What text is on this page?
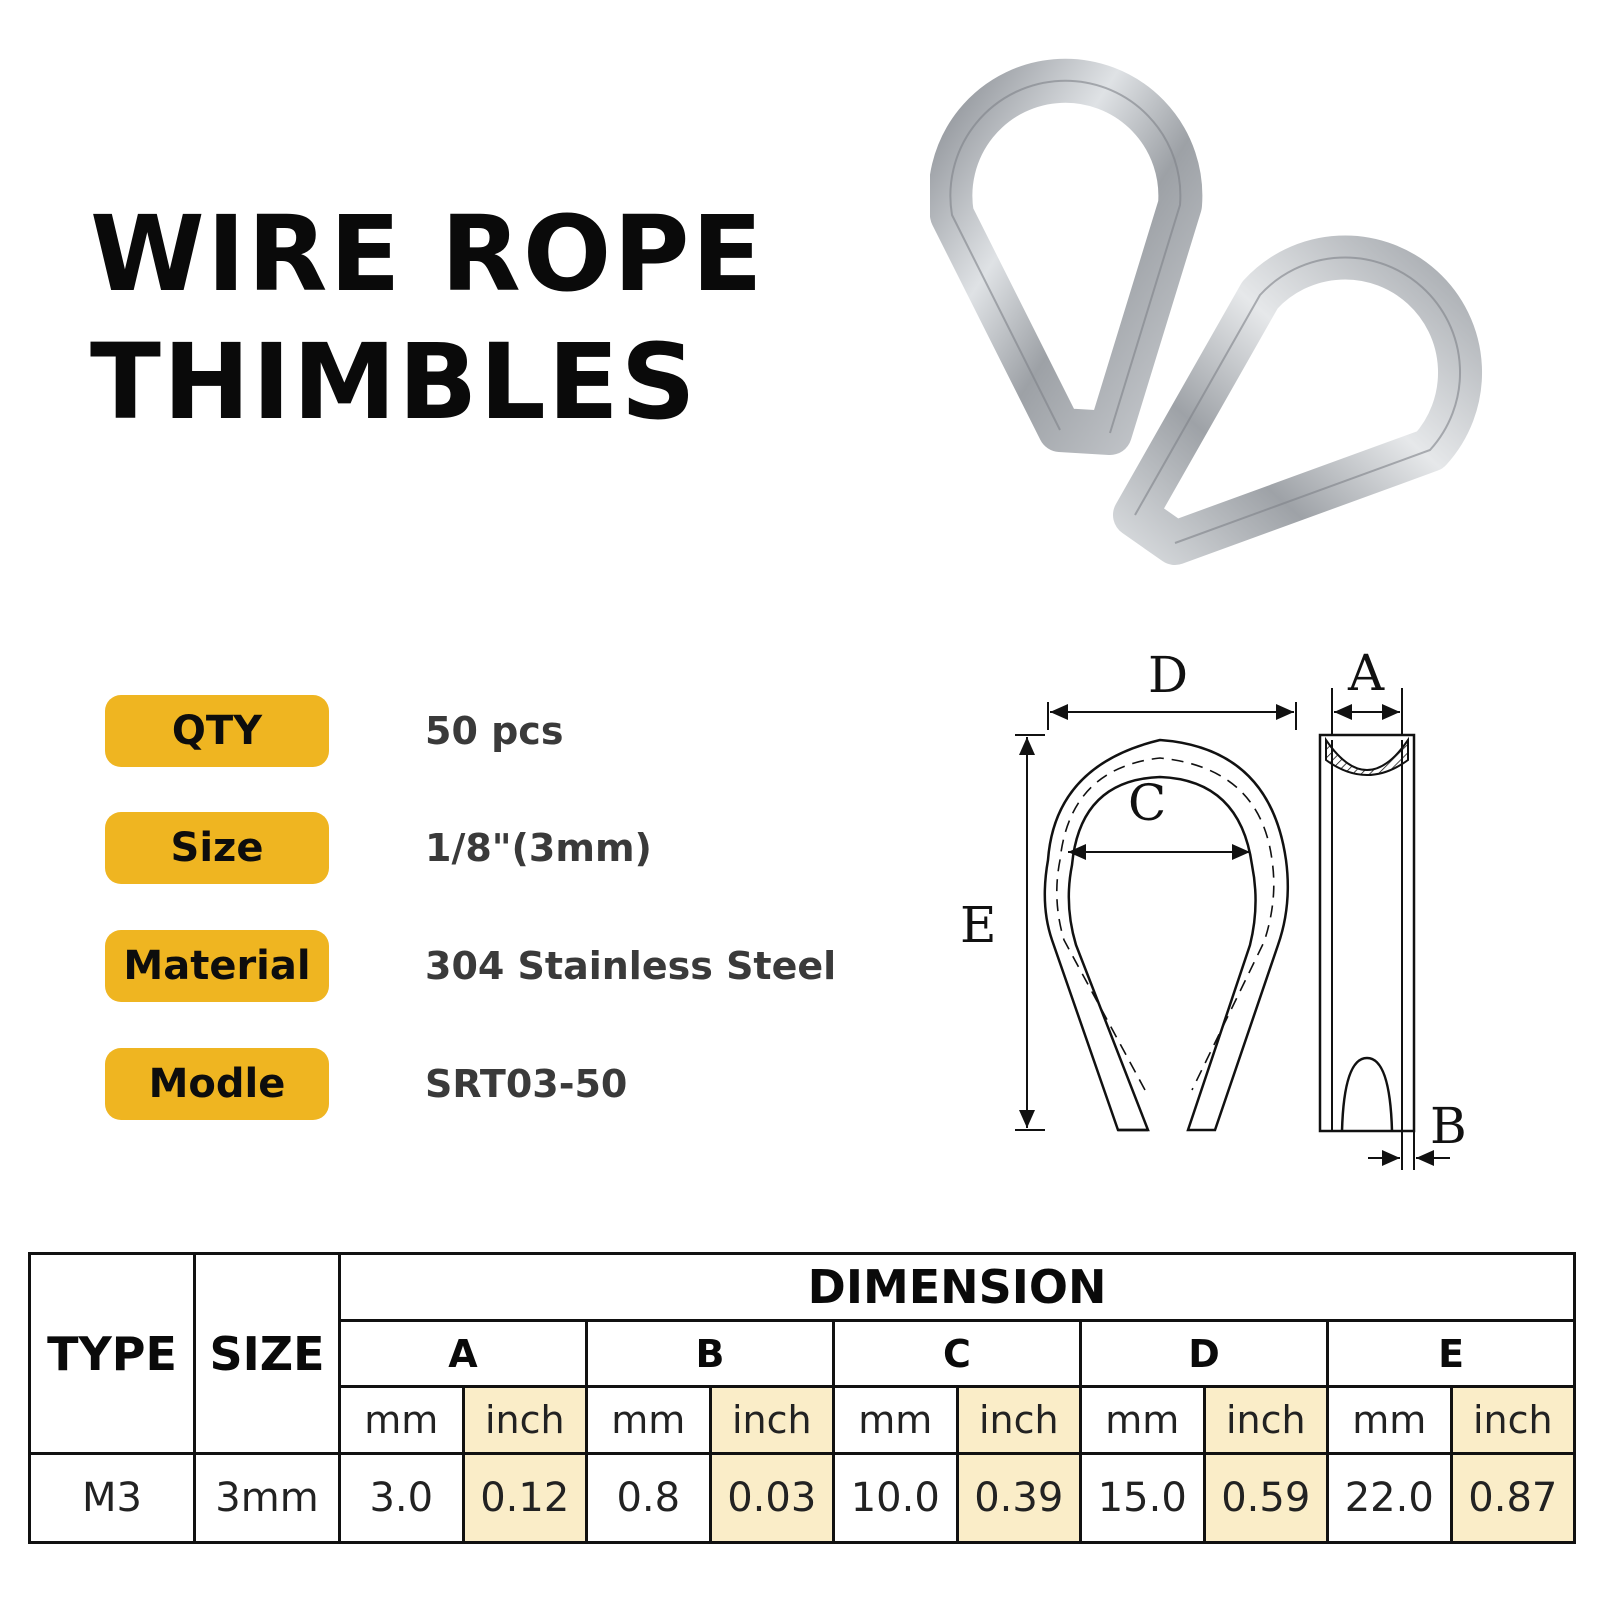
WIRE ROPE
THIMBLES
QTY	50 pcs
Size	1/8"(3mm)
Material	304 Stainless Steel
Modle	SRT03-50
D
E
C
A
B
TYPE	SIZE	DIMENSION									
		A		B		C		D		E	
		mm	inch	mm	inch	mm	inch	mm	inch	mm	inch
M3	3mm	3.0	0.12	0.8	0.03	10.0	0.39	15.0	0.59	22.0	0.87
